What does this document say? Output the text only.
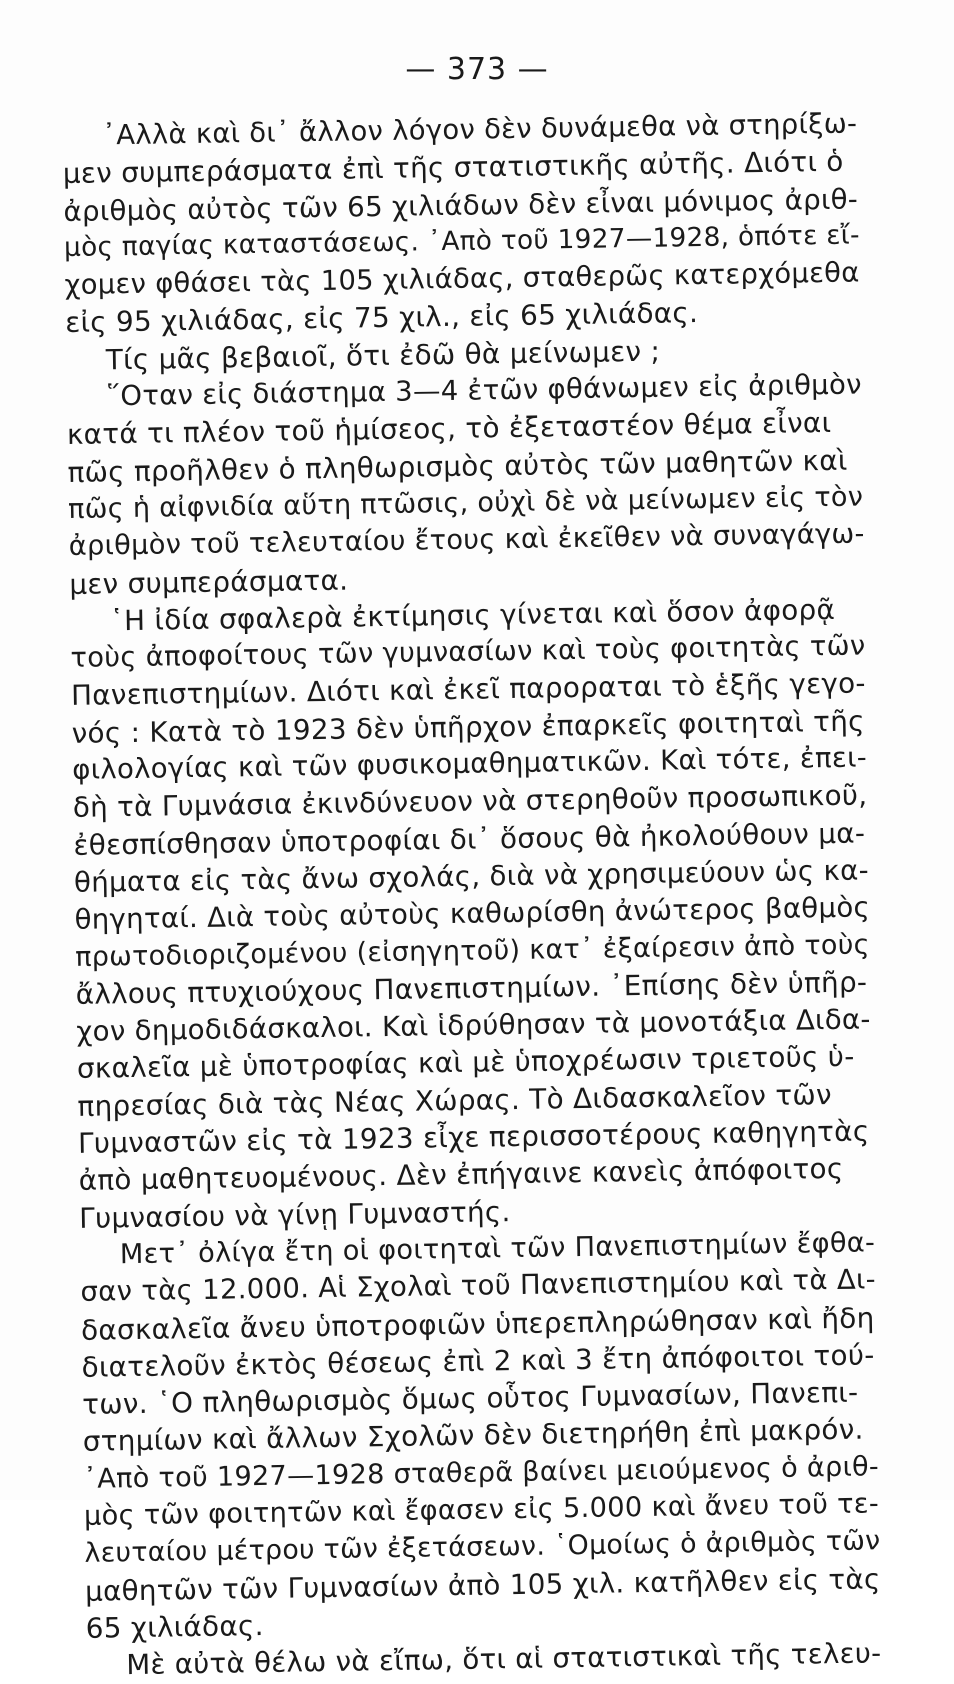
— 373 —
᾿Αλλὰ καὶ δι᾿ ἄλλον λόγον δὲν δυνάμεθα νὰ στηρίξω-
μεν συμπεράσματα ἐπὶ τῆς στατιστικῆς αὐτῆς. Διότι ὁ
ἀριθμὸς αὐτὸς τῶν 65 χιλιάδων δὲν εἶναι μόνιμος ἀριθ-
μὸς παγίας καταστάσεως. ᾿Απὸ τοῦ 1927—1928, ὁπότε εἴ-
χομεν φθάσει τὰς 105 χιλιάδας, σταθερῶς κατερχόμεθα
εἰς 95 χιλιάδας, εἰς 75 χιλ., εἰς 65 χιλιάδας.
Τίς μᾶς βεβαιοῖ, ὅτι ἐδῶ θὰ μείνωμεν ;
῞Οταν εἰς διάστημα 3—4 ἐτῶν φθάνωμεν εἰς ἀριθμὸν
κατά τι πλέον τοῦ ἡμίσεος, τὸ ἐξεταστέον θέμα εἶναι
πῶς προῆλθεν ὁ πληθωρισμὸς αὐτὸς τῶν μαθητῶν καὶ
πῶς ἡ αἰφνιδία αὕτη πτῶσις, οὐχὶ δὲ νὰ μείνωμεν εἰς τὸν
ἀριθμὸν τοῦ τελευταίου ἔτους καὶ ἐκεῖθεν νὰ συναγάγω-
μεν συμπεράσματα.
῾Η ἰδία σφαλερὰ ἐκτίμησις γίνεται καὶ ὅσον ἀφορᾷ
τοὺς ἀποφοίτους τῶν γυμνασίων καὶ τοὺς φοιτητὰς τῶν
Πανεπιστημίων. Διότι καὶ ἐκεῖ παροραται τὸ ἑξῆς γεγο-
νός : Κατὰ τὸ 1923 δὲν ὑπῆρχον ἐπαρκεῖς φοιτηταὶ τῆς
φιλολογίας καὶ τῶν φυσικομαθηματικῶν. Καὶ τότε, ἐπει-
δὴ τὰ Γυμνάσια ἐκινδύνευον νὰ στερηθοῦν προσωπικοῦ,
ἐθεσπίσθησαν ὑποτροφίαι δι᾿ ὅσους θὰ ἠκολούθουν μα-
θήματα εἰς τὰς ἄνω σχολάς, διὰ νὰ χρησιμεύουν ὡς κα-
θηγηταί. Διὰ τοὺς αὐτοὺς καθωρίσθη ἀνώτερος βαθμὸς
πρωτοδιοριζομένου (εἰσηγητοῦ) κατ᾿ ἐξαίρεσιν ἀπὸ τοὺς
ἄλλους πτυχιούχους Πανεπιστημίων. ᾿Επίσης δὲν ὑπῆρ-
χον δημοδιδάσκαλοι. Καὶ ἱδρύθησαν τὰ μονοτάξια Διδα-
σκαλεῖα μὲ ὑποτροφίας καὶ μὲ ὑποχρέωσιν τριετοῦς ὑ-
πηρεσίας διὰ τὰς Νέας Χώρας. Τὸ Διδασκαλεῖον τῶν
Γυμναστῶν εἰς τὰ 1923 εἶχε περισσοτέρους καθηγητὰς
ἀπὸ μαθητευομένους. Δὲν ἐπήγαινε κανεὶς ἀπόφοιτος
Γυμνασίου νὰ γίνῃ Γυμναστής.
Μετ᾿ ὀλίγα ἔτη οἱ φοιτηταὶ τῶν Πανεπιστημίων ἔφθα-
σαν τὰς 12.000. Αἱ Σχολαὶ τοῦ Πανεπιστημίου καὶ τὰ Δι-
δασκαλεῖα ἄνευ ὑποτροφιῶν ὑπερεπληρώθησαν καὶ ἤδη
διατελοῦν ἐκτὸς θέσεως ἐπὶ 2 καὶ 3 ἔτη ἀπόφοιτοι τού-
των. ῾Ο πληθωρισμὸς ὅμως οὗτος Γυμνασίων, Πανεπι-
στημίων καὶ ἄλλων Σχολῶν δὲν διετηρήθη ἐπὶ μακρόν.
᾿Απὸ τοῦ 1927—1928 σταθερᾶ βαίνει μειούμενος ὁ ἀριθ-
μὸς τῶν φοιτητῶν καὶ ἔφασεν εἰς 5.000 καὶ ἄνευ τοῦ τε-
λευταίου μέτρου τῶν ἐξετάσεων. ῾Ομοίως ὁ ἀριθμὸς τῶν
μαθητῶν τῶν Γυμνασίων ἀπὸ 105 χιλ. κατῆλθεν εἰς τὰς
65 χιλιάδας.
Μὲ αὐτὰ θέλω νὰ εἴπω, ὅτι αἱ στατιστικαὶ τῆς τελευ-
